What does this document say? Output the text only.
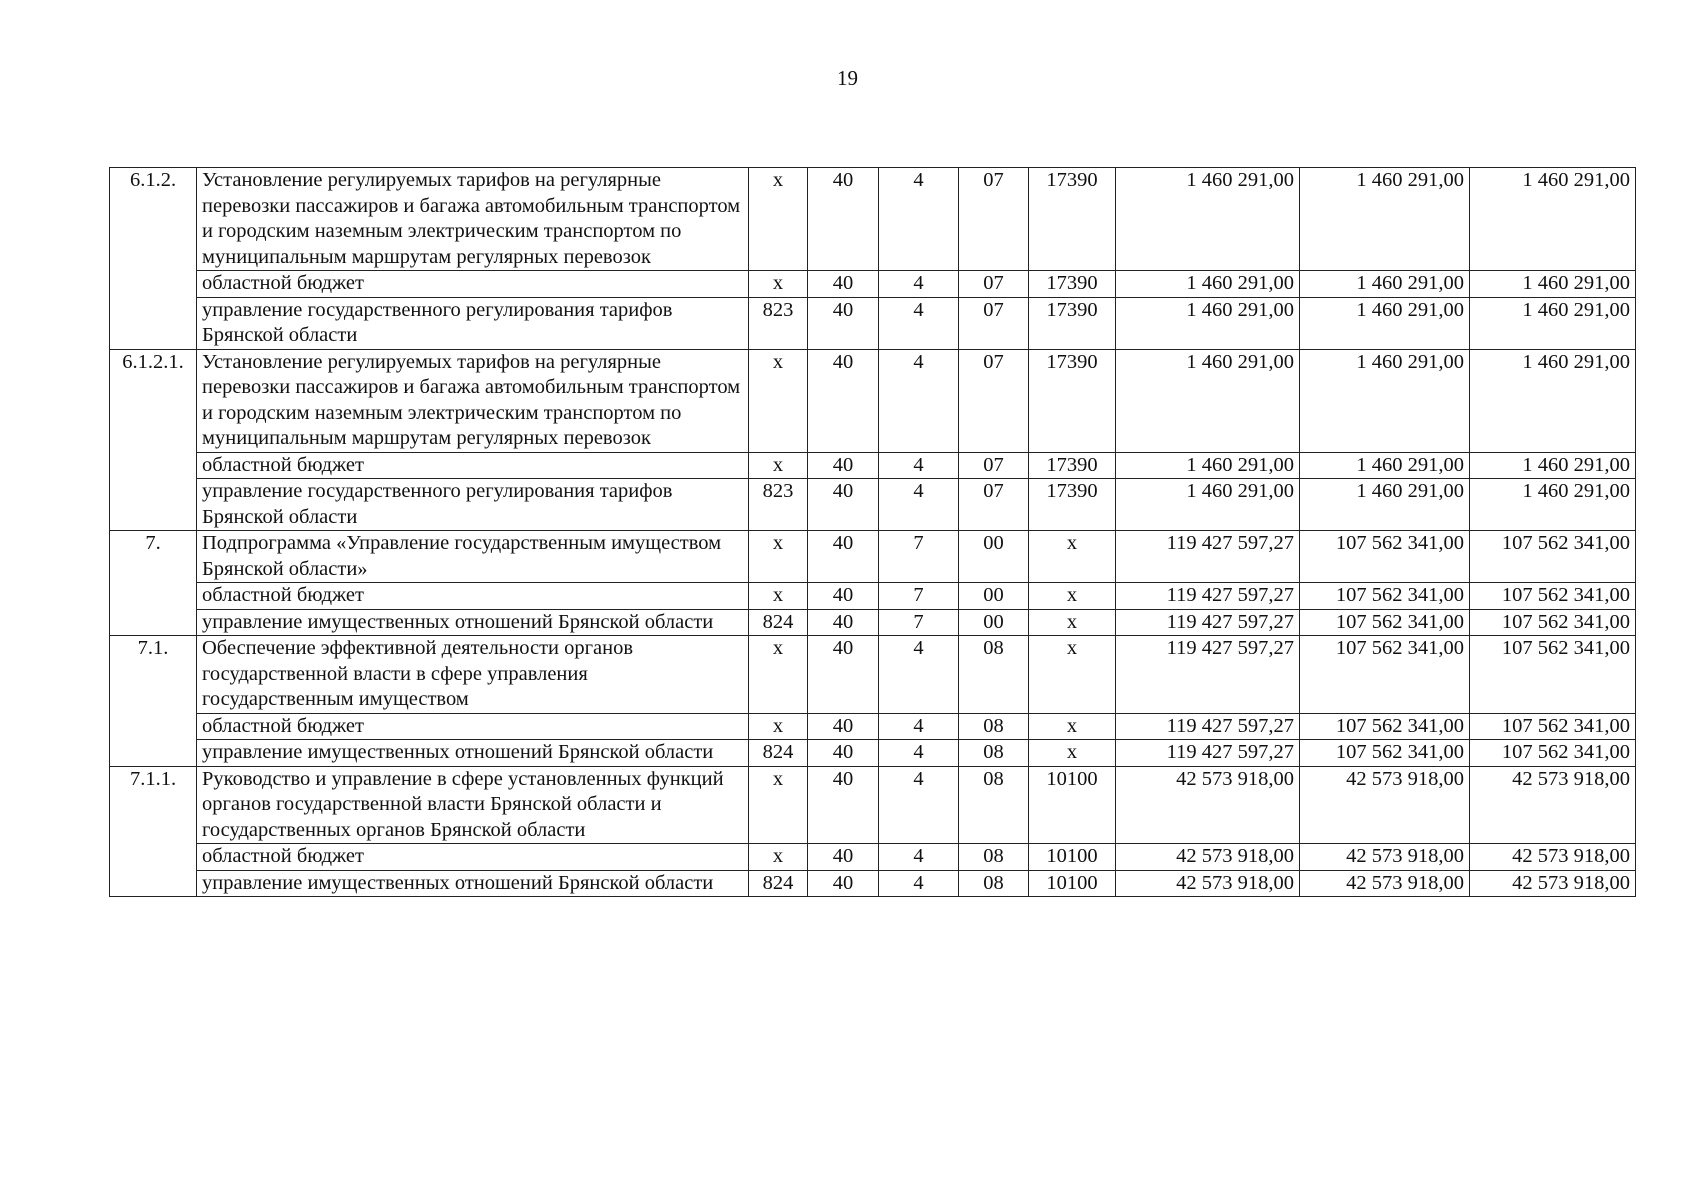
19
6.1.2.	Установление регулируемых тарифов на регулярные перевозки пассажиров и багажа автомобильным транспортом и городским наземным электрическим транспортом по муниципальным маршрутам регулярных перевозок	х	40	4	07	17390	1 460 291,00	1 460 291,00	1 460 291,00
	областной бюджет	х	40	4	07	17390	1 460 291,00	1 460 291,00	1 460 291,00
	управление государственного регулирования тарифов Брянской области	823	40	4	07	17390	1 460 291,00	1 460 291,00	1 460 291,00
6.1.2.1.	Установление регулируемых тарифов на регулярные перевозки пассажиров и багажа автомобильным транспортом и городским наземным электрическим транспортом по муниципальным маршрутам регулярных перевозок	х	40	4	07	17390	1 460 291,00	1 460 291,00	1 460 291,00
	областной бюджет	х	40	4	07	17390	1 460 291,00	1 460 291,00	1 460 291,00
	управление государственного регулирования тарифов Брянской области	823	40	4	07	17390	1 460 291,00	1 460 291,00	1 460 291,00
7.	Подпрограмма «Управление государственным имуществом Брянской области»	х	40	7	00	х	119 427 597,27	107 562 341,00	107 562 341,00
	областной бюджет	х	40	7	00	х	119 427 597,27	107 562 341,00	107 562 341,00
	управление имущественных отношений Брянской области	824	40	7	00	х	119 427 597,27	107 562 341,00	107 562 341,00
7.1.	Обеспечение эффективной деятельности органов государственной власти в сфере управления государственным имуществом	х	40	4	08	х	119 427 597,27	107 562 341,00	107 562 341,00
	областной бюджет	х	40	4	08	х	119 427 597,27	107 562 341,00	107 562 341,00
	управление имущественных отношений Брянской области	824	40	4	08	х	119 427 597,27	107 562 341,00	107 562 341,00
7.1.1.	Руководство и управление в сфере установленных функций органов государственной власти Брянской области и государственных органов Брянской области	х	40	4	08	10100	42 573 918,00	42 573 918,00	42 573 918,00
	областной бюджет	х	40	4	08	10100	42 573 918,00	42 573 918,00	42 573 918,00
	управление имущественных отношений Брянской области	824	40	4	08	10100	42 573 918,00	42 573 918,00	42 573 918,00
